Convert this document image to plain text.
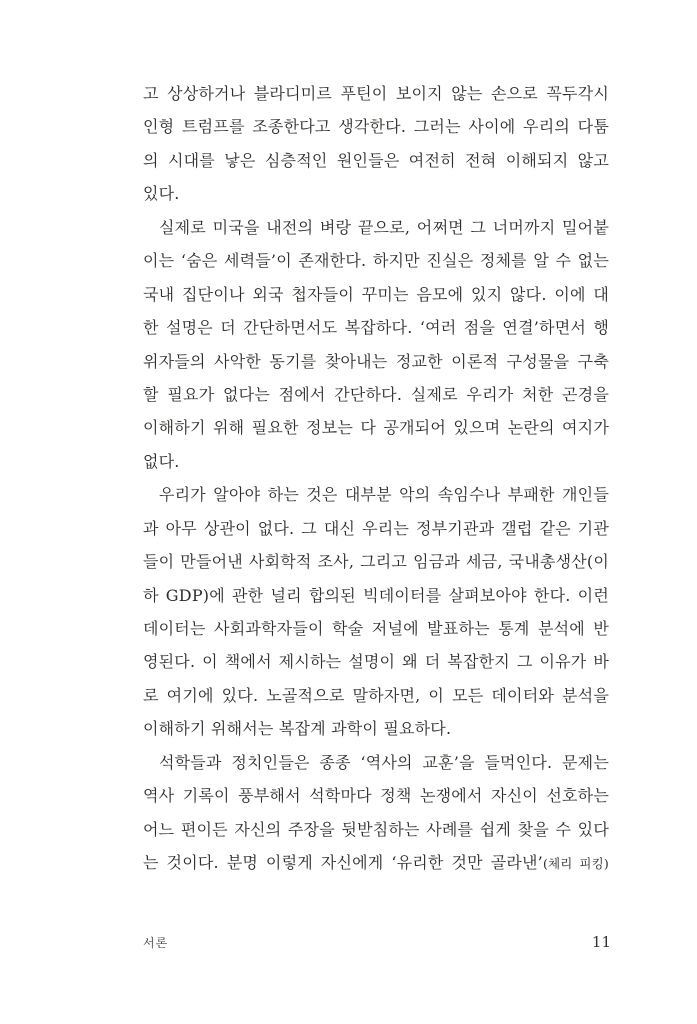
고 상상하거나 블라디미르 푸틴이 보이지 않는 손으로 꼭두각시

인형 트럼프를 조종한다고 생각한다. 그러는 사이에 우리의 다툼

의 시대를 낳은 심층적인 원인들은 여전히 전혀 이해되지 않고

있다.

실제로 미국을 내전의 벼랑 끝으로, 어쩌면 그 너머까지 밀어붙

이는 ‘숨은 세력들’이 존재한다. 하지만 진실은 정체를 알 수 없는

국내 집단이나 외국 첩자들이 꾸미는 음모에 있지 않다. 이에 대

한 설명은 더 간단하면서도 복잡하다. ‘여러 점을 연결’하면서 행

위자들의 사악한 동기를 찾아내는 정교한 이론적 구성물을 구축

할 필요가 없다는 점에서 간단하다. 실제로 우리가 처한 곤경을

이해하기 위해 필요한 정보는 다 공개되어 있으며 논란의 여지가

없다.

우리가 알아야 하는 것은 대부분 악의 속임수나 부패한 개인들

과 아무 상관이 없다. 그 대신 우리는 정부기관과 갤럽 같은 기관

들이 만들어낸 사회학적 조사, 그리고 임금과 세금, 국내총생산(이

하 GDP)에 관한 널리 합의된 빅데이터를 살펴보아야 한다. 이런

데이터는 사회과학자들이 학술 저널에 발표하는 통계 분석에 반

영된다. 이 책에서 제시하는 설명이 왜 더 복잡한지 그 이유가 바

로 여기에 있다. 노골적으로 말하자면, 이 모든 데이터와 분석을

이해하기 위해서는 복잡계 과학이 필요하다.

석학들과 정치인들은 종종 ‘역사의 교훈’을 들먹인다. 문제는

역사 기록이 풍부해서 석학마다 정책 논쟁에서 자신이 선호하는

어느 편이든 자신의 주장을 뒷받침하는 사례를 쉽게 찾을 수 있다

는 것이다. 분명 이렇게 자신에게 ‘유리한 것만 골라낸’(체리 피킹)

서론	11
